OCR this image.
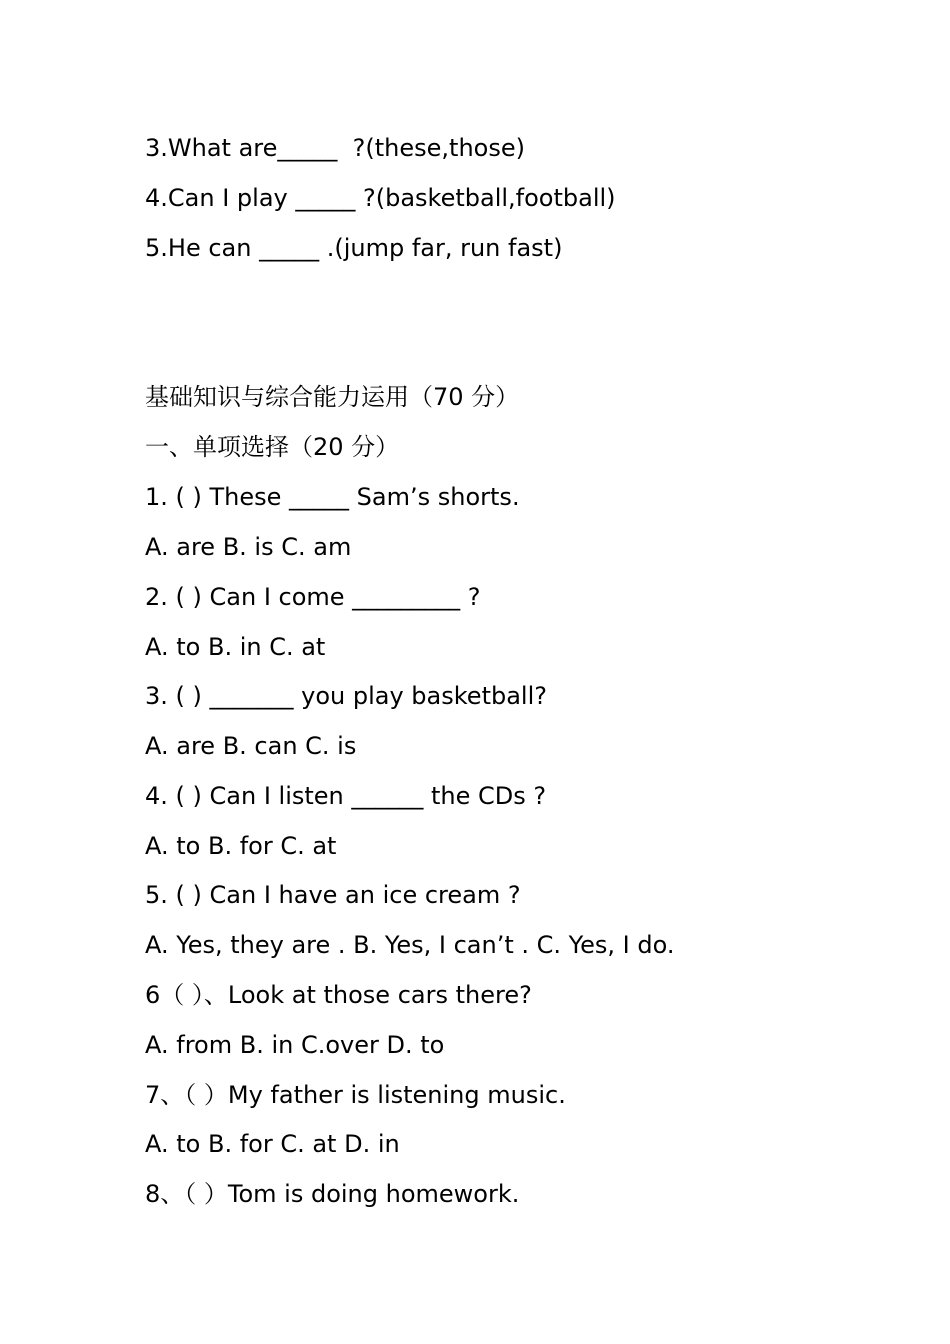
3.What are_____  ?(these,those)
4.Can I play _____ ?(basketball,football)
5.He can _____ .(jump far, run fast)
基础知识与综合能力运用（70 分）
一、单项选择（20 分）
1. ( ) These _____ Sam’s shorts.
A. are B. is C. am
2. ( ) Can I come _________ ?
A. to B. in C. at
3. ( ) _______ you play basketball?
A. are B. can C. is
4. ( ) Can I listen ______ the CDs ?
A. to B. for C. at
5. ( ) Can I have an ice cream ?
A. Yes, they are . B. Yes, I can’t . C. Yes, I do.
6（ ）、Look at those cars there?
A. from B. in C.over D. to
7、（ ）My father is listening music.
A. to B. for C. at D. in
8、（ ）Tom is doing homework.
